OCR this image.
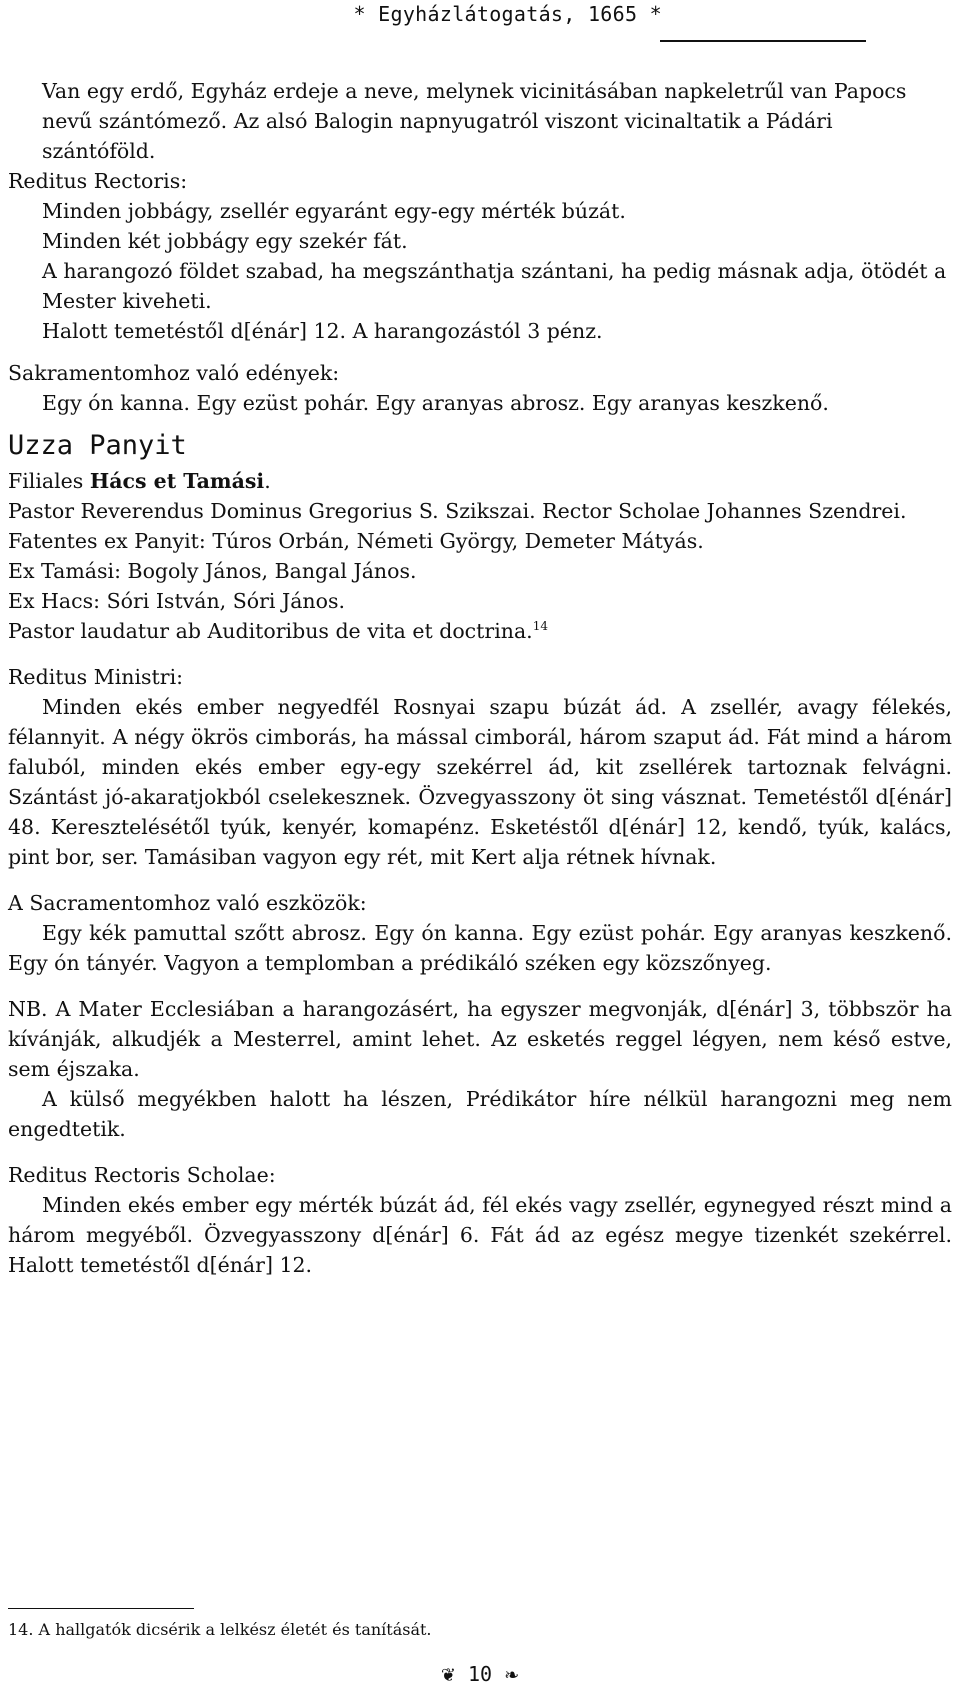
* Egyházlátogatás, 1665 *

Van egy erdő, Egyház erdeje a neve, melynek vicinitásában napkeletrűl van Papocs nevű szántómező. Az alsó Balogin napnyugatról viszont vicinaltatik a Pádári szántóföld.

Reditus Rectoris:

Minden jobbágy, zsellér egyaránt egy-egy mérték búzát.

Minden két jobbágy egy szekér fát.

A harangozó földet szabad, ha megszánthatja szántani, ha pedig másnak adja, ötödét a Mester kiveheti.

Halott temetéstől d[énár] 12. A harangozástól 3 pénz.

Sakramentomhoz való edények:

Egy ón kanna. Egy ezüst pohár. Egy aranyas abrosz. Egy aranyas keszkenő.

Uzza Panyit

Filiales Hács et Tamási.

Pastor Reverendus Dominus Gregorius S. Szikszai. Rector Scholae Johannes Szendrei.

Fatentes ex Panyit: Túros Orbán, Németi György, Demeter Mátyás.

Ex Tamási: Bogoly János, Bangal János.

Ex Hacs: Sóri István, Sóri János.

Pastor laudatur ab Auditoribus de vita et doctrina.$^{14}$

Reditus Ministri:

Minden ekés ember negyedfél Rosnyai szapu búzát ád. A zsellér, avagy félekés, félannyit. A négy ökrös cimborás, ha mással cimborál, három szaput ád. Fát mind a három faluból, minden ekés ember egy-egy szekérrel ád, kit zsellérek tartoznak felvágni. Szántást jó-akaratjokból cselekesznek. Özvegyasszony öt sing vásznat. Temetéstől d[énár] 48. Keresztelésétől tyúk, kenyér, komapénz. Esketéstől d[énár] 12, kendő, tyúk, kalács, pint bor, ser. Tamásiban vagyon egy rét, mit Kert alja rétnek hívnak.

A Sacramentomhoz való eszközök:

Egy kék pamuttal szőtt abrosz. Egy ón kanna. Egy ezüst pohár. Egy aranyas keszkenő. Egy ón tányér. Vagyon a templomban a prédikáló széken egy közszőnyeg.

NB. A Mater Ecclesiában a harangozásért, ha egyszer megvonják, d[énár] 3, többször ha kívánják, alkudjék a Mesterrel, amint lehet. Az esketés reggel légyen, nem késő estve, sem éjszaka.

A külső megyékben halott ha lészen, Prédikátor híre nélkül harangozni meg nem engedtetik.

Reditus Rectoris Scholae:

Minden ekés ember egy mérték búzát ád, fél ekés vagy zsellér, egynegyed részt mind a három megyéből. Özvegyasszony d[énár] 6. Fát ád az egész megye tizenkét szekérrel. Halott temetéstől d[énár] 12.

14. A hallgatók dicsérik a lelkész életét és tanítását.
❦ 10 ❧
